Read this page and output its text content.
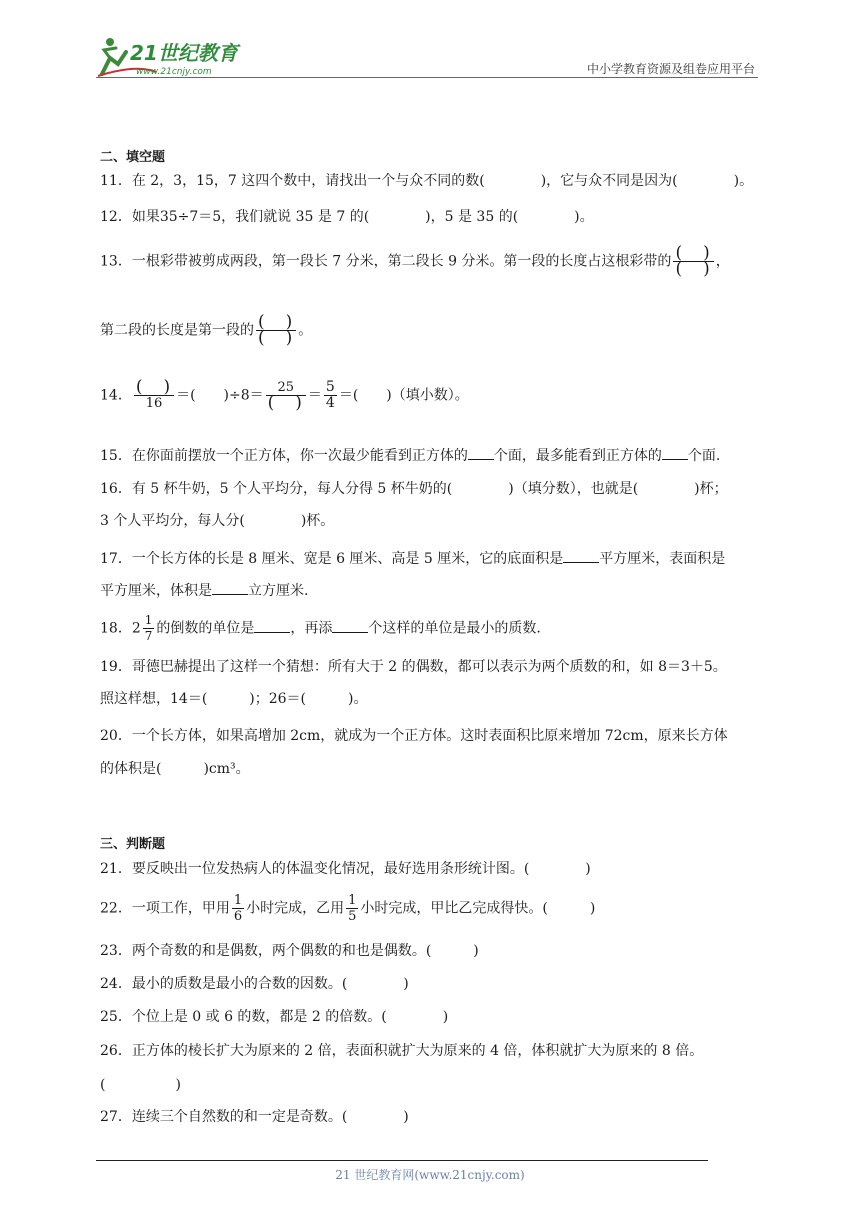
21世纪教育
www.21cnjy.com	中小学教育资源及组卷应用平台
二、填空题
11．在 2，3，15，7 这四个数中，请找出一个与众不同的数(　　　　)，它与众不同是因为(　　　　)。
12．如果35÷7＝5，我们就说 35 是 7 的(　　　　)，5 是 35 的(　　　　)。
13．一根彩带被剪成两段，第一段长 7 分米，第二段长 9 分米。第一段的长度占这根彩带的 $\frac{( )}{( )}$ ，
第二段的长度是第一段的 $\frac{( )}{( )}$ 。
14． $\frac{( )}{16}$ ＝(　　)$\div 8= \frac{25}{( )} = \frac{5}{4}$ ＝(　　)（填小数）。
15．在你面前摆放一个正方体，你一次最少能看到正方体的 个面，最多能看到正方体的 个面.
16．有 5 杯牛奶，5 个人平均分，每人分得 5 杯牛奶的(　　　　)（填分数），也就是(　　　　)杯；
3 个人平均分，每人分(　　　　)杯。
17．一个长方体的长是 8 厘米、宽是 6 厘米、高是 5 厘米，它的底面积是	平方厘米，表面积是
平方厘米，体积是	立方厘米.
18．$2 \frac{1}{7}$ 的倒数的单位是	，再添	个这样的单位是最小的质数.
19．哥德巴赫提出了这样一个猜想：所有大于 2 的偶数，都可以表示为两个质数的和，如 8＝3＋5。
照这样想，14＝(　　　)；26＝(　　　)。
20．一个长方体，如果高增加 2cm，就成为一个正方体。这时表面积比原来增加 72cm，原来长方体
的体积是(　　　)cm³。
三、判断题
21．要反映出一位发热病人的体温变化情况，最好选用条形统计图。(　　　　)
22．一项工作，甲用 $\frac{1}{6}$ 小时完成，乙用 $\frac{1}{5}$ 小时完成，甲比乙完成得快。(　　　)
23．两个奇数的和是偶数，两个偶数的和也是偶数。(　　　)
24．最小的质数是最小的合数的因数。(　　　　)
25．个位上是 0 或 6 的数，都是 2 的倍数。(　　　　)
26．正方体的棱长扩大为原来的 2 倍，表面积就扩大为原来的 4 倍，体积就扩大为原来的 8 倍。
(　　　　　)
27．连续三个自然数的和一定是奇数。(　　　　)
21 世纪教育网(www.21cnjy.com)
